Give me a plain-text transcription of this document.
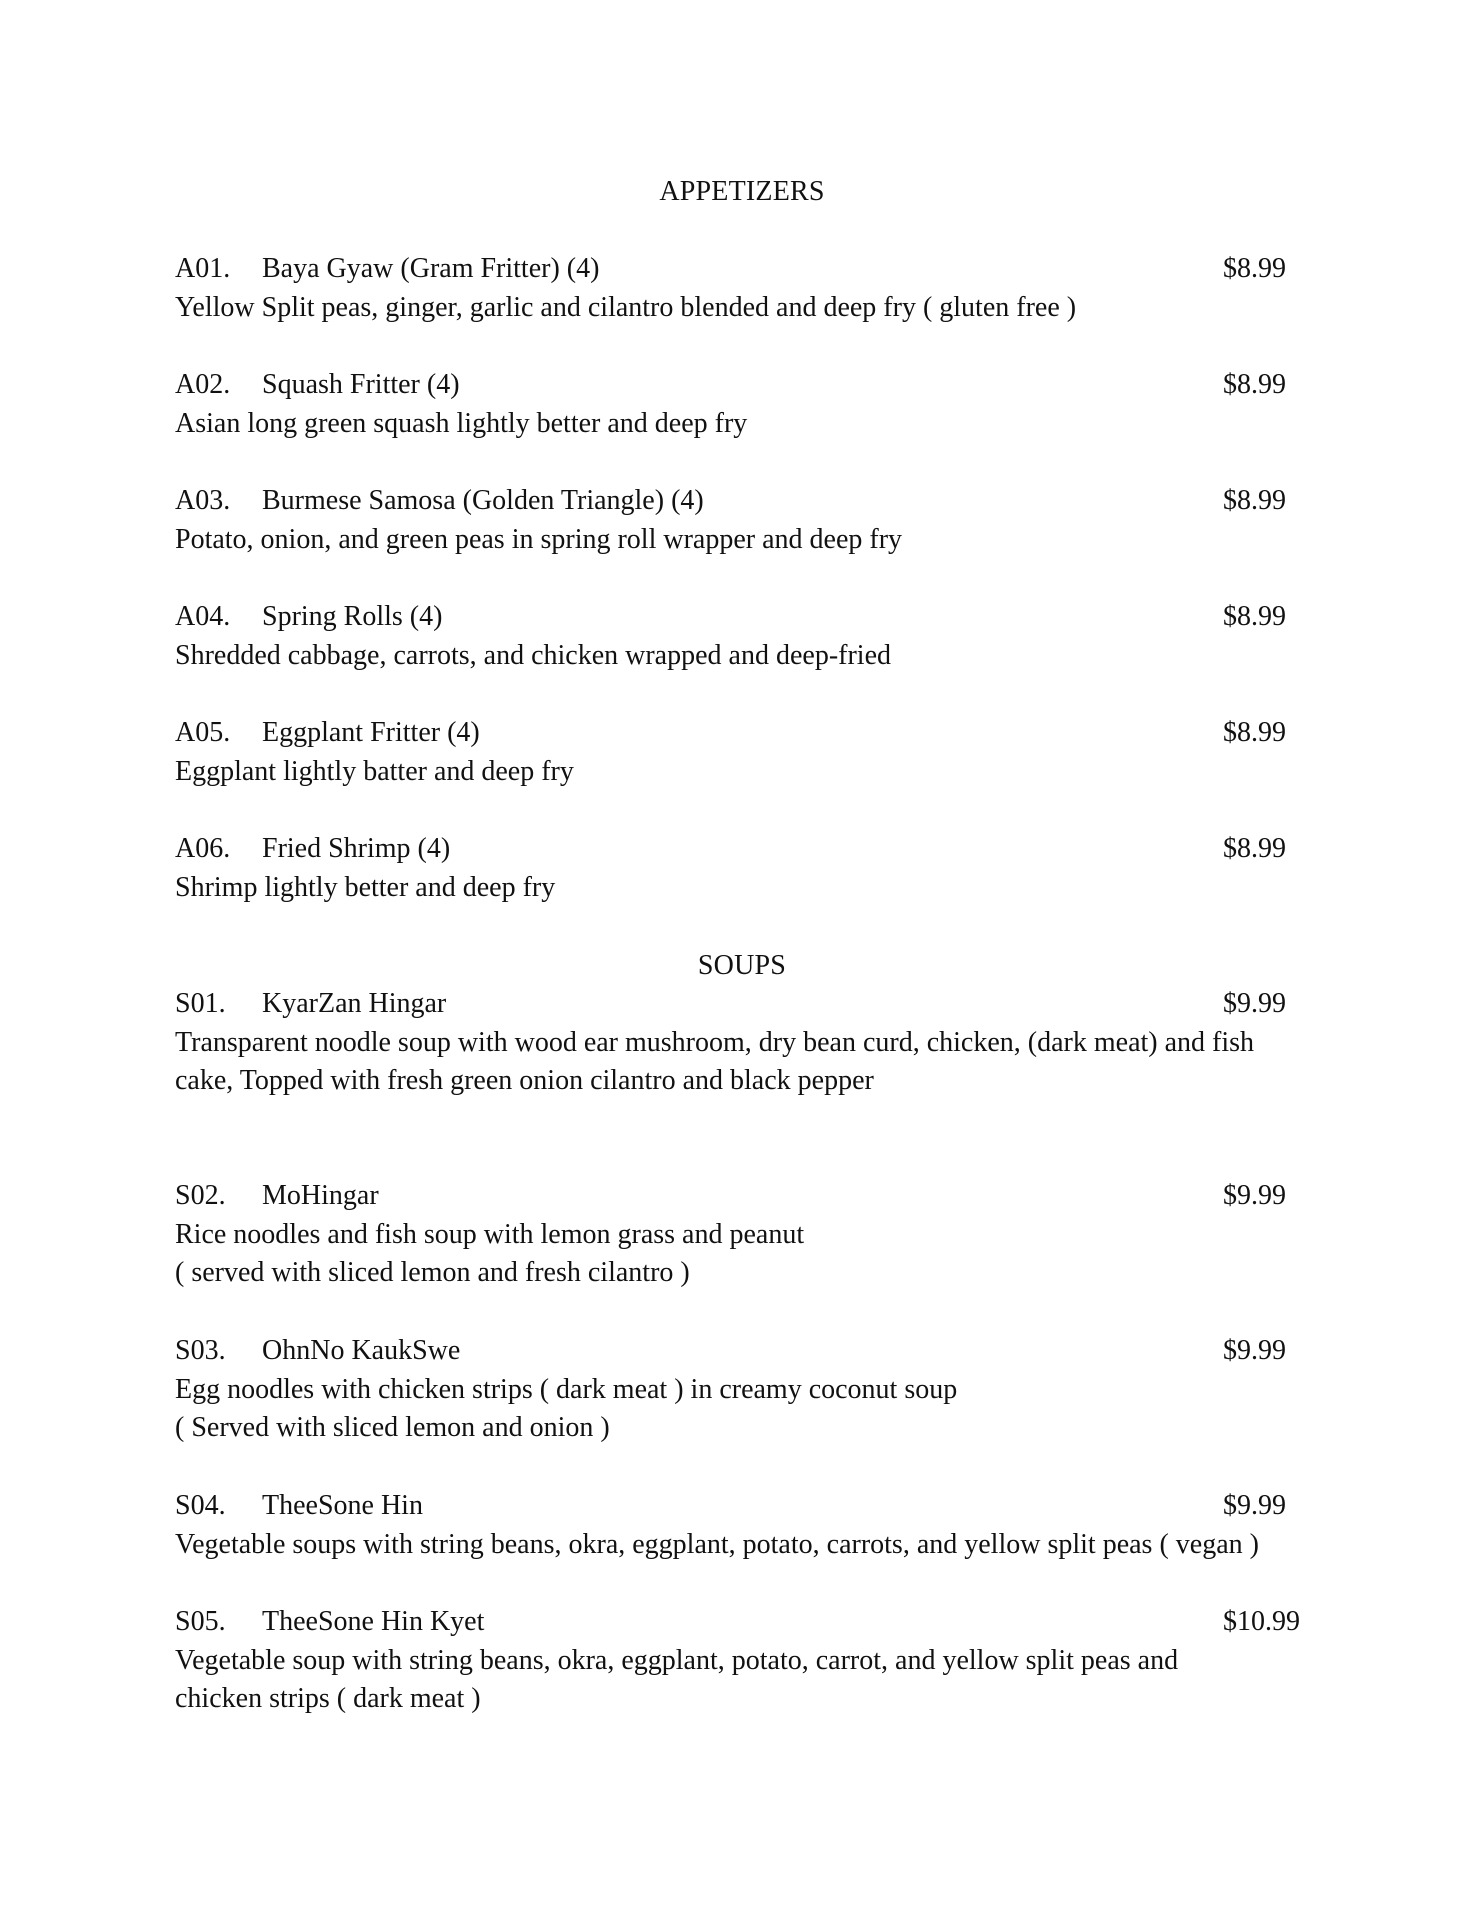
APPETIZERS
A01. Baya Gyaw (Gram Fritter) (4)	$8.99
Yellow Split peas, ginger, garlic and cilantro blended and deep fry ( gluten free )
A02. Squash Fritter (4)	$8.99
Asian long green squash lightly better and deep fry
A03. Burmese Samosa (Golden Triangle) (4)	$8.99
Potato, onion, and green peas in spring roll wrapper and deep fry
A04. Spring Rolls (4)	$8.99
Shredded cabbage, carrots, and chicken wrapped and deep-fried
A05. Eggplant Fritter (4)	$8.99
Eggplant lightly batter and deep fry
A06. Fried Shrimp (4)	$8.99
Shrimp lightly better and deep fry
SOUPS
S01. KyarZan Hingar	$9.99
Transparent noodle soup with wood ear mushroom, dry bean curd, chicken, (dark meat) and fish
cake, Topped with fresh green onion cilantro and black pepper
S02. MoHingar	$9.99
Rice noodles and fish soup with lemon grass and peanut
( served with sliced lemon and fresh cilantro )
S03. OhnNo KaukSwe	$9.99
Egg noodles with chicken strips ( dark meat ) in creamy coconut soup
( Served with sliced lemon and onion )
S04. TheeSone Hin	$9.99
Vegetable soups with string beans, okra, eggplant, potato, carrots, and yellow split peas ( vegan )
S05. TheeSone Hin Kyet	$10.99
Vegetable soup with string beans, okra, eggplant, potato, carrot, and yellow split peas and
chicken strips ( dark meat )
